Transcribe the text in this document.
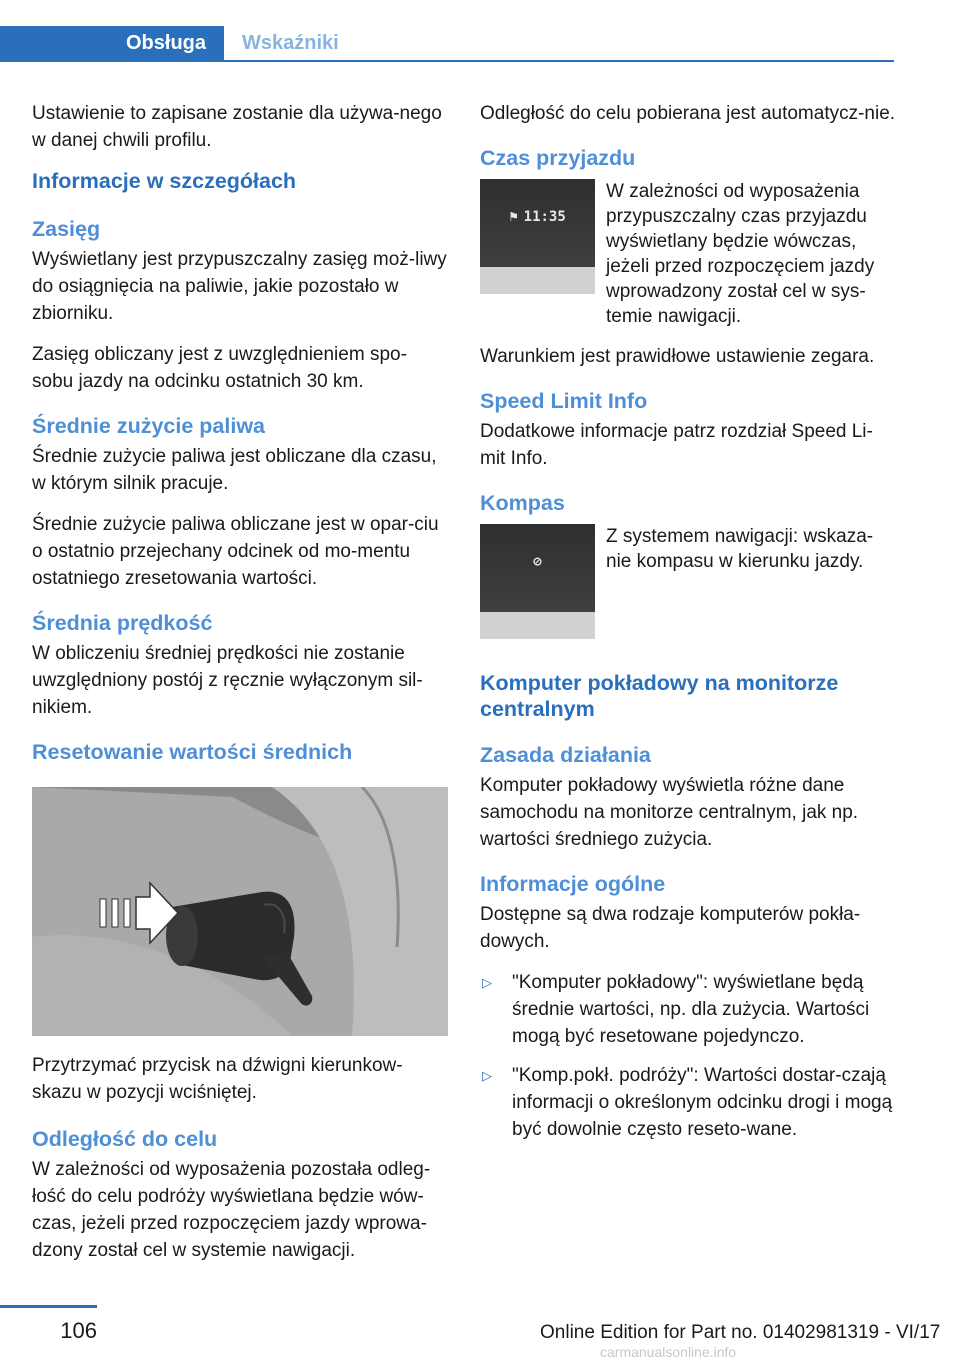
Obsługa	Wskaźniki

Ustawienie to zapisane zostanie dla używa-nego w danej chwili profilu.

Informacje w szczegółach
Zasięg

Wyświetlany jest przypuszczalny zasięg moż-liwy do osiągnięcia na paliwie, jakie pozostało w zbiorniku.

Zasięg obliczany jest z uwzględnieniem spo-sobu jazdy na odcinku ostatnich 30 km.

Średnie zużycie paliwa

Średnie zużycie paliwa jest obliczane dla czasu, w którym silnik pracuje.

Średnie zużycie paliwa obliczane jest w opar-ciu o ostatnio przejechany odcinek od mo-mentu ostatniego zresetowania wartości.

Średnia prędkość

W obliczeniu średniej prędkości nie zostanie uwzględniony postój z ręcznie wyłączonym sil-nikiem.

Resetowanie wartości średnich

Przytrzymać przycisk na dźwigni kierunkow-skazu w pozycji wciśniętej.

Odległość do celu

W zależności od wyposażenia pozostała odleg-łość do celu podróży wyświetlana będzie wów-czas, jeżeli przed rozpoczęciem jazdy wprowa-dzony został cel w systemie nawigacji.

Odległość do celu pobierana jest automatycz-nie.

Czas przyjazdu
⚑ 11:35
W zależności od wyposażenia przypuszczalny czas przyjazdu wyświetlany będzie wówczas, jeżeli przed rozpoczęciem jazdy wprowadzony został cel w sys-temie nawigacji.

Warunkiem jest prawidłowe ustawienie zegara.

Speed Limit Info

Dodatkowe informacje patrz rozdział Speed Li-mit Info.

Kompas
⊘
Z systemem nawigacji: wskaza-nie kompasu w kierunku jazdy.
Komputer pokładowy na monitorze centralnym
Zasada działania

Komputer pokładowy wyświetla różne dane samochodu na monitorze centralnym, jak np. wartości średniego zużycia.

Informacje ogólne

Dostępne są dwa rodzaje komputerów pokła-dowych.

▷	"Komputer pokładowy": wyświetlane będą średnie wartości, np. dla zużycia. Wartości mogą być resetowane pojedynczo.
▷	"Komp.pokł. podróży": Wartości dostar-czają informacji o określonym odcinku drogi i mogą być dowolnie często reseto-wane.
106	Online Edition for Part no. 01402981319 - VI/17
carmanualsonline.info
